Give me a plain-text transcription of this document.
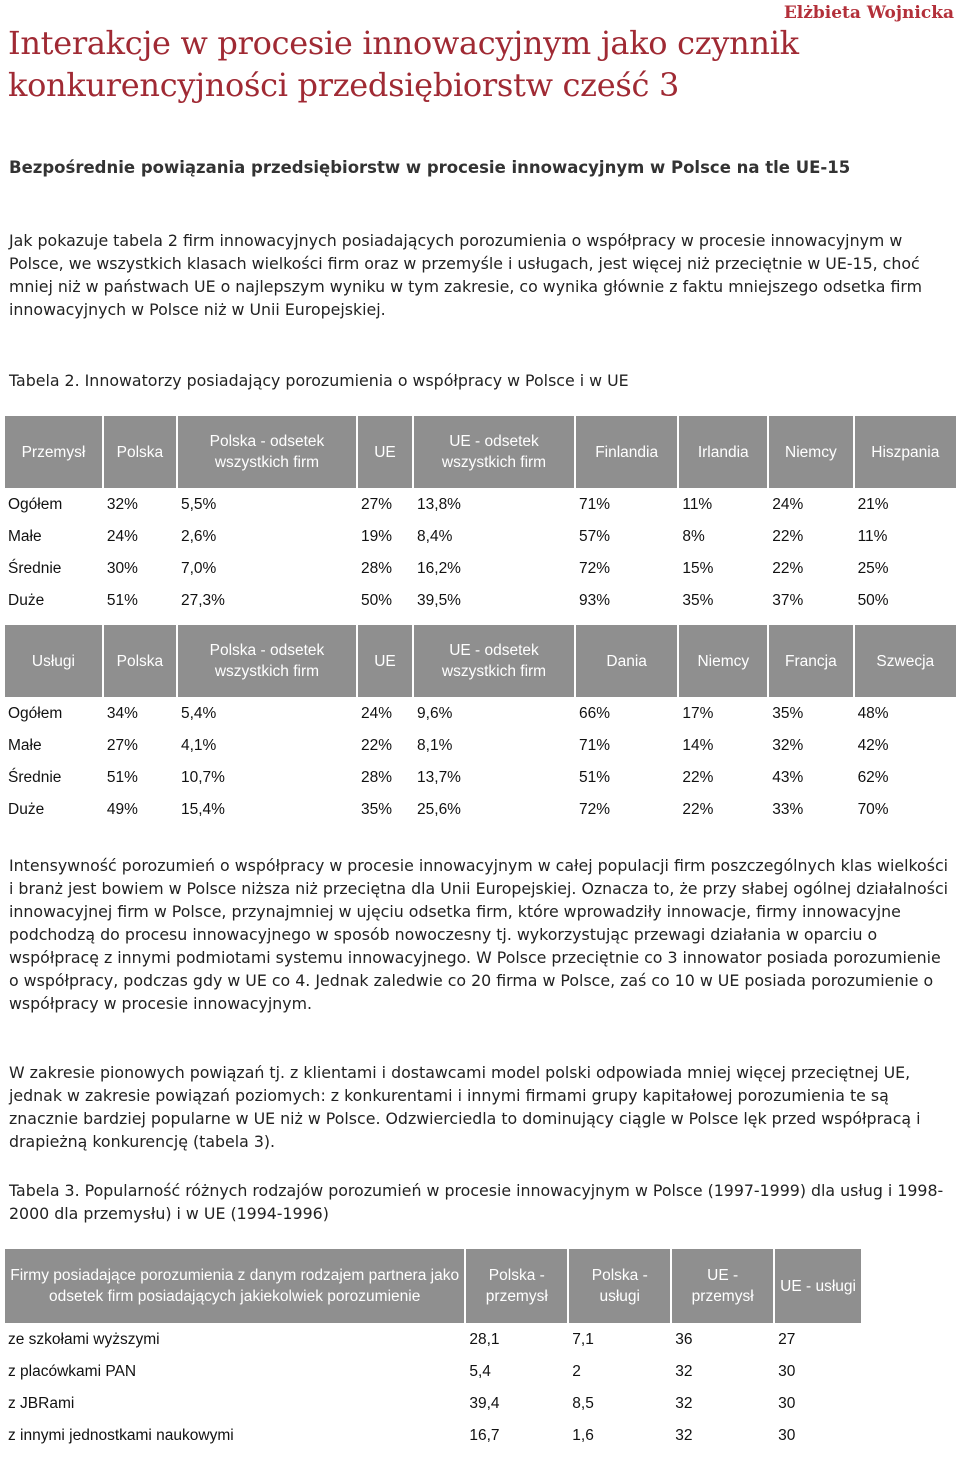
Elżbieta Wojnicka
Interakcje w procesie innowacyjnym jako czynnik konkurencyjności przedsiębiorstw cześć 3
Bezpośrednie powiązania przedsiębiorstw w procesie innowacyjnym w Polsce na tle UE-15

Jak pokazuje tabela 2 firm innowacyjnych posiadających porozumienia o współpracy w procesie innowacyjnym w Polsce, we wszystkich klasach wielkości firm oraz w przemyśle i usługach, jest więcej niż przeciętnie w UE-15, choć mniej niż w państwach UE o najlepszym wyniku w tym zakresie, co wynika głównie z faktu mniejszego odsetka firm innowacyjnych w Polsce niż w Unii Europejskiej.

Tabela 2. Innowatorzy posiadający porozumienia o współpracy w Polsce i w UE

Przemysł	Polska	Polska - odsetek wszystkich firm	UE	UE - odsetek wszystkich firm	Finlandia	Irlandia	Niemcy	Hiszpania
Ogółem	32%	5,5%	27%	13,8%	71%	11%	24%	21%
Małe	24%	2,6%	19%	8,4%	57%	8%	22%	11%
Średnie	30%	7,0%	28%	16,2%	72%	15%	22%	25%
Duże	51%	27,3%	50%	39,5%	93%	35%	37%	50%

Usługi	Polska	Polska - odsetek wszystkich firm	UE	UE - odsetek wszystkich firm	Dania	Niemcy	Francja	Szwecja
Ogółem	34%	5,4%	24%	9,6%	66%	17%	35%	48%
Małe	27%	4,1%	22%	8,1%	71%	14%	32%	42%
Średnie	51%	10,7%	28%	13,7%	51%	22%	43%	62%
Duże	49%	15,4%	35%	25,6%	72%	22%	33%	70%

Intensywność porozumień o współpracy w procesie innowacyjnym w całej populacji firm poszczególnych klas wielkości i branż jest bowiem w Polsce niższa niż przeciętna dla Unii Europejskiej. Oznacza to, że przy słabej ogólnej działalności innowacyjnej firm w Polsce, przynajmniej w ujęciu odsetka firm, które wprowadziły innowacje, firmy innowacyjne podchodzą do procesu innowacyjnego w sposób nowoczesny tj. wykorzystując przewagi działania w oparciu o współpracę z innymi podmiotami systemu innowacyjnego. W Polsce przeciętnie co 3 innowator posiada porozumienie o współpracy, podczas gdy w UE co 4. Jednak zaledwie co 20 firma w Polsce, zaś co 10 w UE posiada porozumienie o współpracy w procesie innowacyjnym.

W zakresie pionowych powiązań tj. z klientami i dostawcami model polski odpowiada mniej więcej przeciętnej UE, jednak w zakresie powiązań poziomych: z konkurentami i innymi firmami grupy kapitałowej porozumienia te są znacznie bardziej popularne w UE niż w Polsce. Odzwierciedla to dominujący ciągle w Polsce lęk przed współpracą i drapieżną konkurencję (tabela 3).

Tabela 3. Popularność różnych rodzajów porozumień w procesie innowacyjnym w Polsce (1997-1999) dla usług i 1998-2000 dla przemysłu) i w UE (1994-1996)

Firmy posiadające porozumienia z danym rodzajem partnera jako odsetek firm posiadających jakiekolwiek porozumienie	Polska - przemysł	Polska - usługi	UE - przemysł	UE - usługi
ze szkołami wyższymi	28,1	7,1	36	27
z placówkami PAN	5,4	2	32	30
z JBRami	39,4	8,5	32	30
z innymi jednostkami naukowymi	16,7	1,6	32	30
